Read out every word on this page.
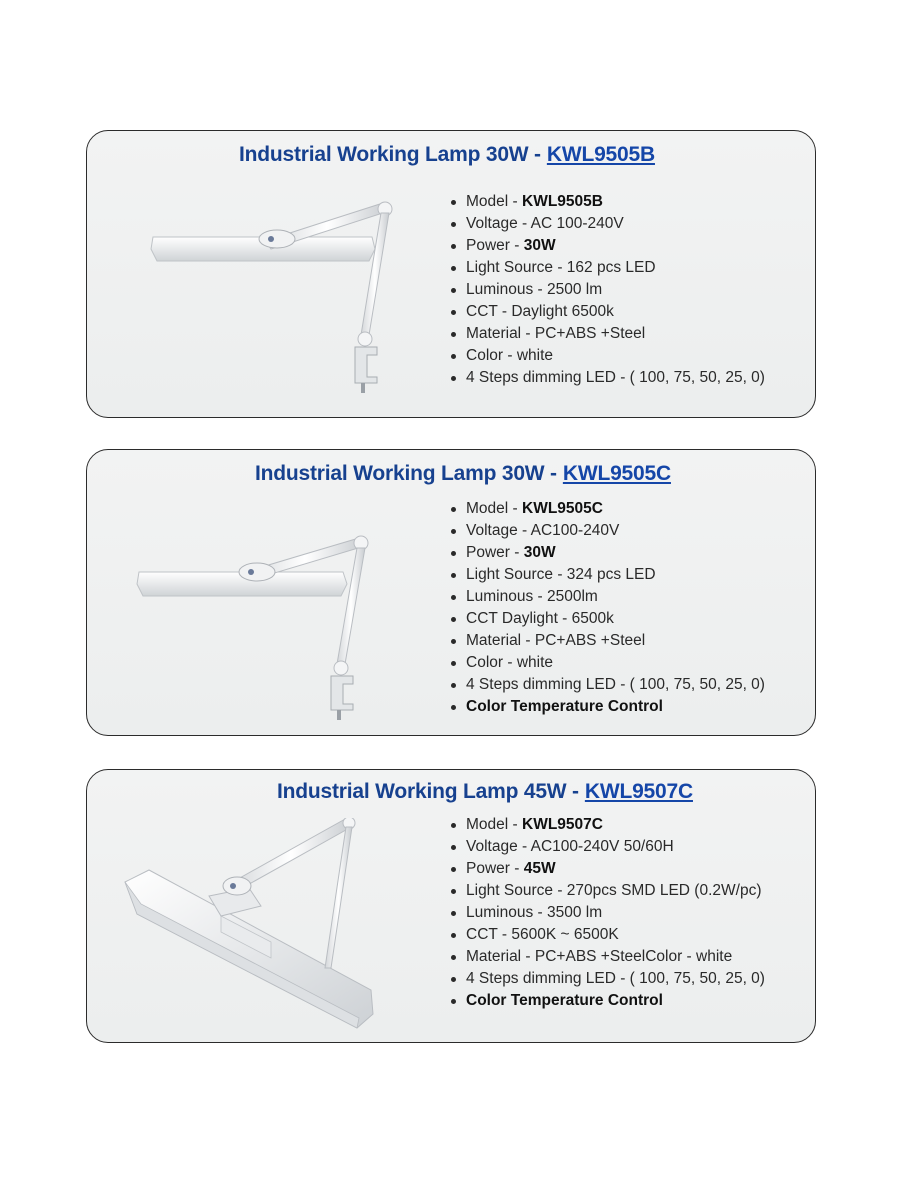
Industrial Working Lamp 30W - KWL9505B
Model - KWL9505B
Voltage - AC 100-240V
Power - 30W
Light Source - 162 pcs LED
Luminous - 2500 lm
CCT - Daylight 6500k
Material - PC+ABS +Steel
Color - white
4 Steps dimming LED - ( 100, 75, 50, 25, 0)
Industrial Working Lamp 30W - KWL9505C
Model - KWL9505C
Voltage - AC100-240V
Power - 30W
Light Source - 324 pcs LED
Luminous - 2500lm
CCT Daylight - 6500k
Material - PC+ABS +Steel
Color - white
4 Steps dimming LED - ( 100, 75, 50, 25, 0)
Color Temperature Control
Industrial Working Lamp 45W - KWL9507C
Model - KWL9507C
Voltage - AC100-240V 50/60H
Power - 45W
Light Source - 270pcs SMD LED (0.2W/pc)
Luminous - 3500 lm
CCT - 5600K ~ 6500K
Material - PC+ABS +SteelColor - white
4 Steps dimming LED - ( 100, 75, 50, 25, 0)
Color Temperature Control
